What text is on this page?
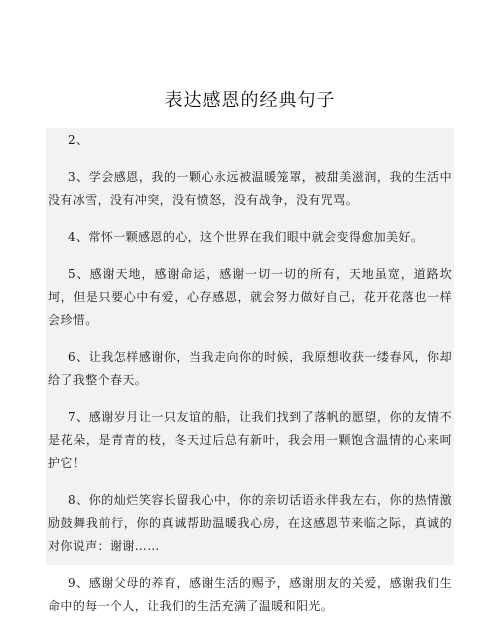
表达感恩的经典句子

2、

3、学会感恩，我的一颗心永远被温暖笼罩，被甜美滋润，我的生活中没有冰雪，没有冲突，没有愤怒，没有战争，没有咒骂。

4、常怀一颗感恩的心，这个世界在我们眼中就会变得愈加美好。

5、感谢天地，感谢命运，感谢一切一切的所有，天地虽宽，道路坎坷，但是只要心中有爱，心存感恩，就会努力做好自己，花开花落也一样会珍惜。

6、让我怎样感谢你，当我走向你的时候，我原想收获一缕春风，你却给了我整个春天。

7、感谢岁月让一只友谊的船，让我们找到了落帆的愿望，你的友情不是花朵，是青青的枝，冬天过后总有新叶，我会用一颗饱含温情的心来呵护它！

8、你的灿烂笑容长留我心中，你的亲切话语永伴我左右，你的热情激励鼓舞我前行，你的真诚帮助温暖我心房，在这感恩节来临之际，真诚的对你说声：谢谢……

9、感谢父母的养育，感谢生活的赐予，感谢朋友的关爱，感谢我们生命中的每一个人，让我们的生活充满了温暖和阳光。
